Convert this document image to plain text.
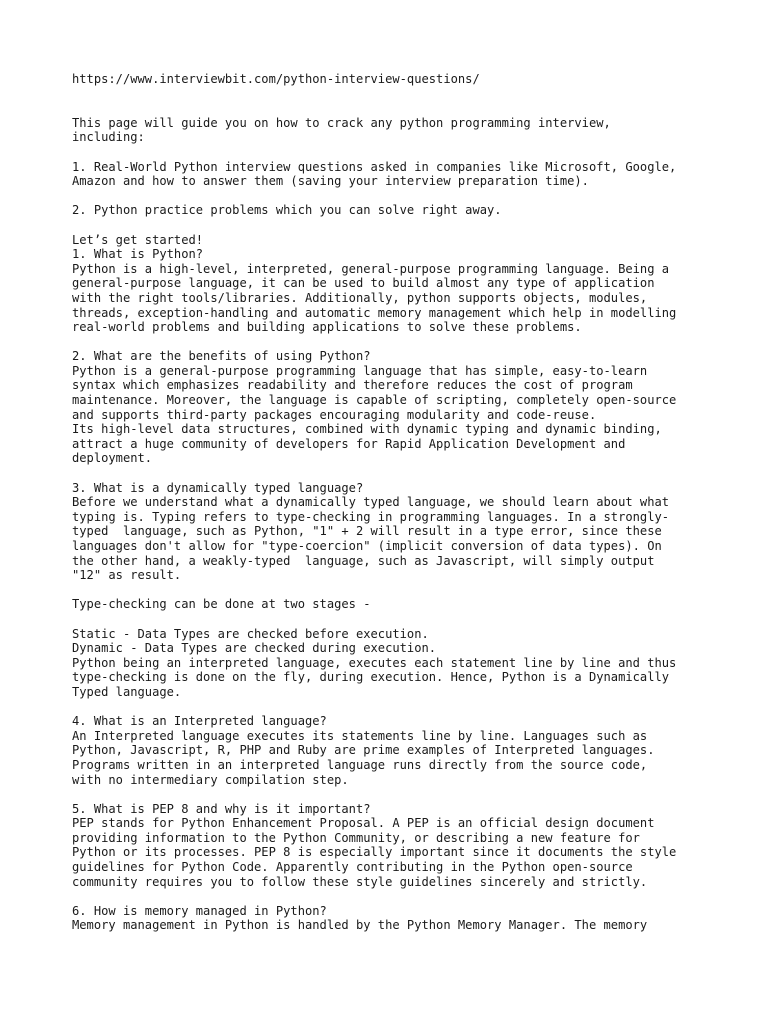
https://www.interviewbit.com/python-interview-questions/
This page will guide you on how to crack any python programming interview,
including:
1. Real-World Python interview questions asked in companies like Microsoft, Google,
Amazon and how to answer them (saving your interview preparation time).
2. Python practice problems which you can solve right away.
Let’s get started!
1. What is Python?
Python is a high-level, interpreted, general-purpose programming language. Being a
general-purpose language, it can be used to build almost any type of application
with the right tools/libraries. Additionally, python supports objects, modules,
threads, exception-handling and automatic memory management which help in modelling
real-world problems and building applications to solve these problems.
2. What are the benefits of using Python?
Python is a general-purpose programming language that has simple, easy-to-learn
syntax which emphasizes readability and therefore reduces the cost of program
maintenance. Moreover, the language is capable of scripting, completely open-source
and supports third-party packages encouraging modularity and code-reuse.
Its high-level data structures, combined with dynamic typing and dynamic binding,
attract a huge community of developers for Rapid Application Development and
deployment.
3. What is a dynamically typed language?
Before we understand what a dynamically typed language, we should learn about what
typing is. Typing refers to type-checking in programming languages. In a strongly-
typed  language, such as Python, "1" + 2 will result in a type error, since these
languages don't allow for "type-coercion" (implicit conversion of data types). On
the other hand, a weakly-typed  language, such as Javascript, will simply output
"12" as result.
Type-checking can be done at two stages -
Static - Data Types are checked before execution.
Dynamic - Data Types are checked during execution.
Python being an interpreted language, executes each statement line by line and thus
type-checking is done on the fly, during execution. Hence, Python is a Dynamically
Typed language.
4. What is an Interpreted language?
An Interpreted language executes its statements line by line. Languages such as
Python, Javascript, R, PHP and Ruby are prime examples of Interpreted languages.
Programs written in an interpreted language runs directly from the source code,
with no intermediary compilation step.
5. What is PEP 8 and why is it important?
PEP stands for Python Enhancement Proposal. A PEP is an official design document
providing information to the Python Community, or describing a new feature for
Python or its processes. PEP 8 is especially important since it documents the style
guidelines for Python Code. Apparently contributing in the Python open-source
community requires you to follow these style guidelines sincerely and strictly.
6. How is memory managed in Python?
Memory management in Python is handled by the Python Memory Manager. The memory
